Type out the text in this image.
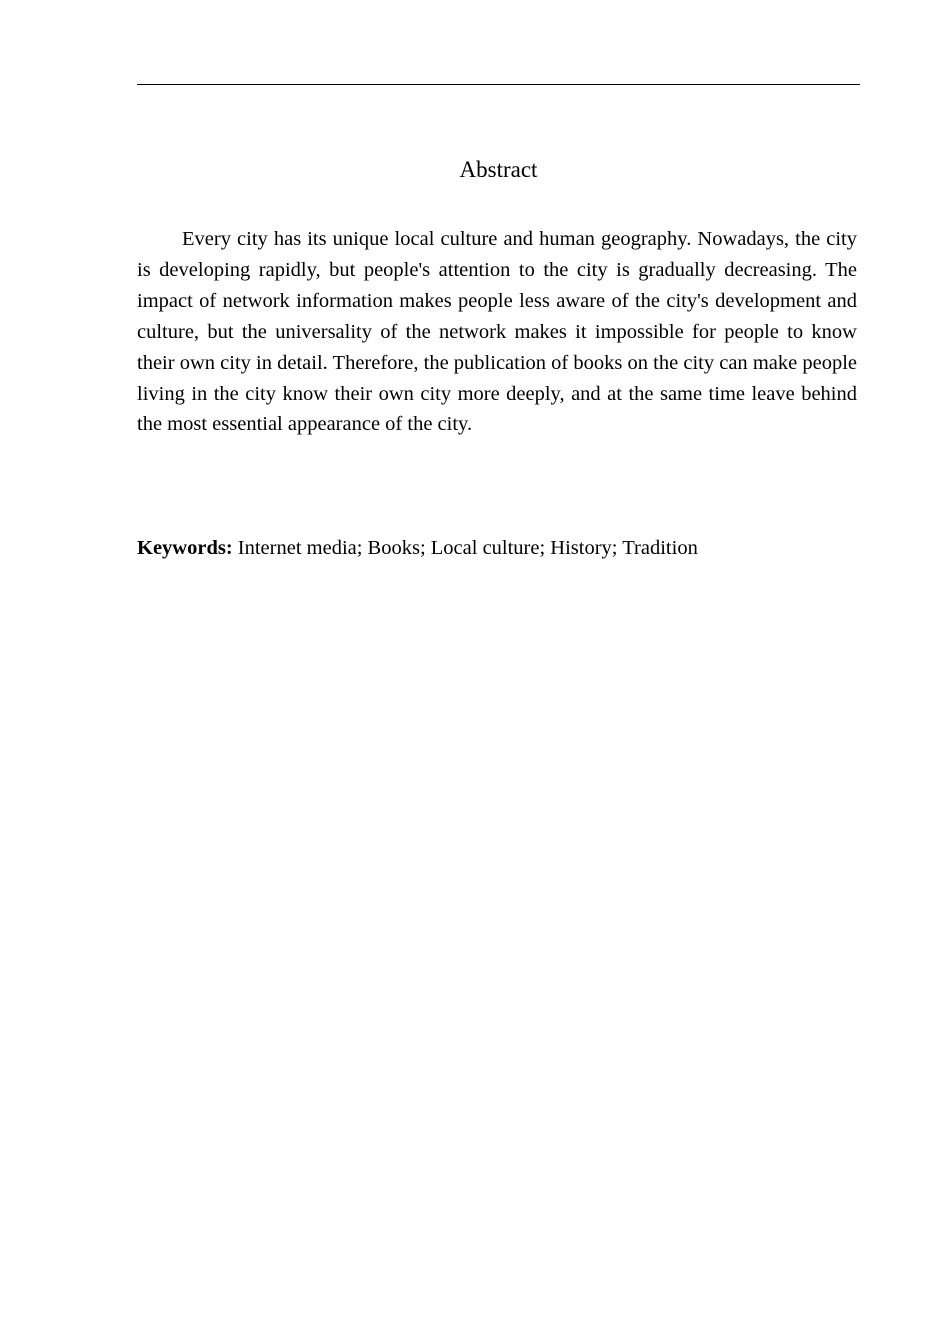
Abstract

Every city has its unique local culture and human geography. Nowadays, the city is developing rapidly, but people's attention to the city is gradually decreasing. The impact of network information makes people less aware of the city's development and culture, but the universality of the network makes it impossible for people to know their own city in detail. Therefore, the publication of books on the city can make people living in the city know their own city more deeply, and at the same time leave behind the most essential appearance of the city.

Keywords: Internet media; Books; Local culture; History; Tradition
